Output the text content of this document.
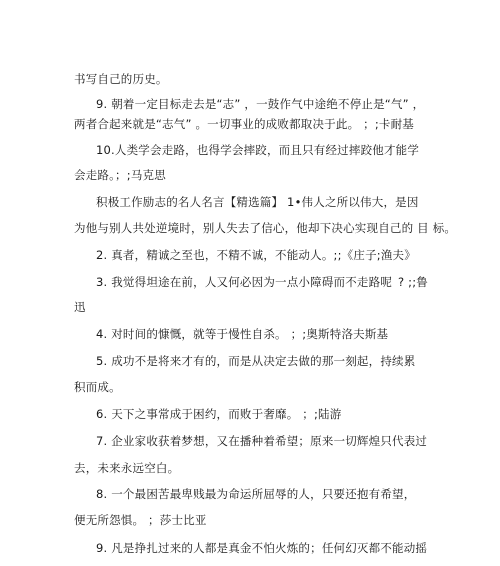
书写自己的历史。
9. 朝着一定目标走去是“志” ，一鼓作气中途绝不停止是“气” ，
两者合起来就是“志气” 。一切事业的成败都取决于此。 ；;卡耐基
10.人类学会走路，也得学会摔跤，而且只有经过摔跤他才能学
会走路。；;马克思
积极工作励志的名人名言【精选篇】 1•伟人之所以伟大，是因
为他与别人共处逆境时，别人失去了信心，他却下决心实现自己的 目 标。
2. 真者，精诚之至也，不精不诚，不能动人。;;《庄子;渔夫》
3. 我觉得坦途在前，人又何必因为一点小障碍而不走路呢 ? ;;鲁
迅
4. 对时间的慷慨，就等于慢性自杀。 ；;奥斯特洛夫斯基
5. 成功不是将来才有的，而是从决定去做的那一刻起，持续累
积而成。
6. 天下之事常成于困约，而败于奢靡。 ；;陆游
7. 企业家收获着梦想，又在播种着希望；原来一切辉煌只代表过
去，未来永远空白。
8. 一个最困苦最卑贱最为命运所屈辱的人，只要还抱有希望，
便无所怨惧。 ；莎士比亚
9. 凡是挣扎过来的人都是真金不怕火炼的；任何幻灭都不能动摇
